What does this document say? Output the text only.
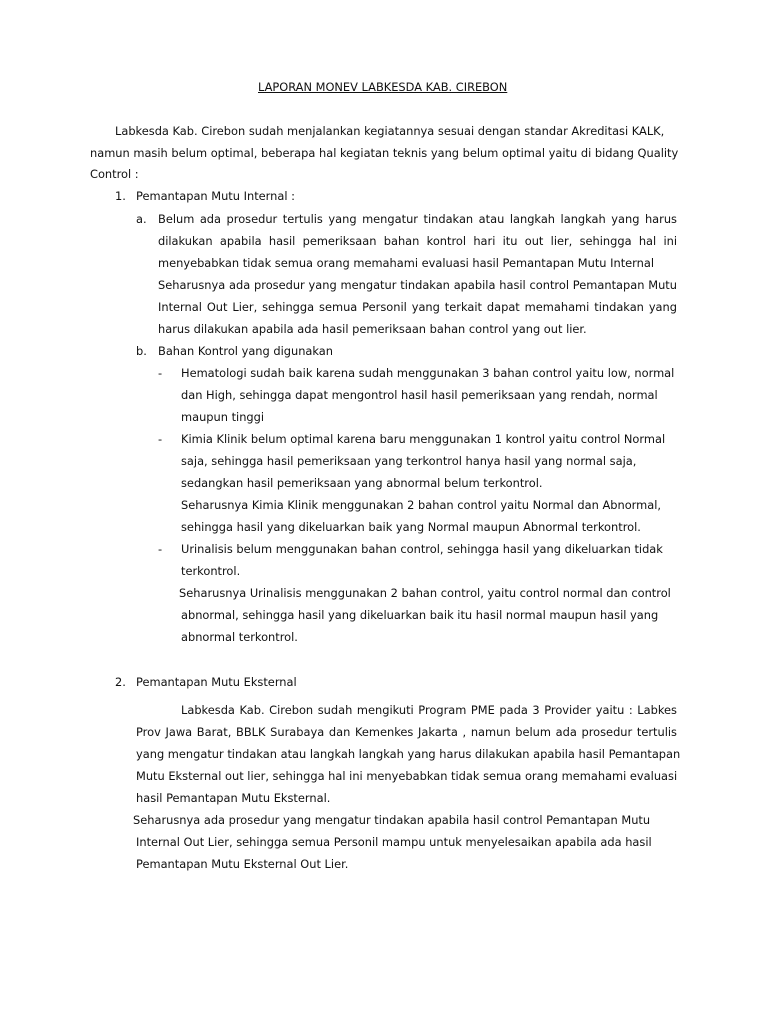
LAPORAN MONEV LABKESDA KAB. CIREBON
Labkesda Kab. Cirebon sudah menjalankan kegiatannya sesuai dengan standar Akreditasi KALK,
namun masih belum optimal, beberapa hal kegiatan teknis yang belum optimal yaitu di bidang Quality
Control :
1. Pemantapan Mutu Internal :
a. Belum ada prosedur tertulis yang mengatur tindakan atau langkah langkah yang harus
dilakukan apabila hasil pemeriksaan bahan kontrol hari itu out lier, sehingga hal ini
menyebabkan tidak semua orang memahami evaluasi hasil Pemantapan Mutu Internal
Seharusnya ada prosedur yang mengatur tindakan apabila hasil control Pemantapan Mutu
Internal Out Lier, sehingga semua Personil yang terkait dapat memahami tindakan yang
harus dilakukan apabila ada hasil pemeriksaan bahan control yang out lier.
b. Bahan Kontrol yang digunakan
- Hematologi sudah baik karena sudah menggunakan 3 bahan control yaitu low, normal
dan High, sehingga dapat mengontrol hasil hasil pemeriksaan yang rendah, normal
maupun tinggi
- Kimia Klinik belum optimal karena baru menggunakan 1 kontrol yaitu control Normal
saja, sehingga hasil pemeriksaan yang terkontrol hanya hasil yang normal saja,
sedangkan hasil pemeriksaan yang abnormal belum terkontrol.
Seharusnya Kimia Klinik menggunakan 2 bahan control yaitu Normal dan Abnormal,
sehingga hasil yang dikeluarkan baik yang Normal maupun Abnormal terkontrol.
- Urinalisis belum menggunakan bahan control, sehingga hasil yang dikeluarkan tidak
terkontrol.
Seharusnya Urinalisis menggunakan 2 bahan control, yaitu control normal dan control
abnormal, sehingga hasil yang dikeluarkan baik itu hasil normal maupun hasil yang
abnormal terkontrol.
2. Pemantapan Mutu Eksternal
Labkesda Kab. Cirebon sudah mengikuti Program PME pada 3 Provider yaitu : Labkes
Prov Jawa Barat, BBLK Surabaya dan Kemenkes Jakarta , namun belum ada prosedur tertulis
yang mengatur tindakan atau langkah langkah yang harus dilakukan apabila hasil Pemantapan
Mutu Eksternal out lier, sehingga hal ini menyebabkan tidak semua orang memahami evaluasi
hasil Pemantapan Mutu Eksternal.
Seharusnya ada prosedur yang mengatur tindakan apabila hasil control Pemantapan Mutu
Internal Out Lier, sehingga semua Personil mampu untuk menyelesaikan apabila ada hasil
Pemantapan Mutu Eksternal Out Lier.
